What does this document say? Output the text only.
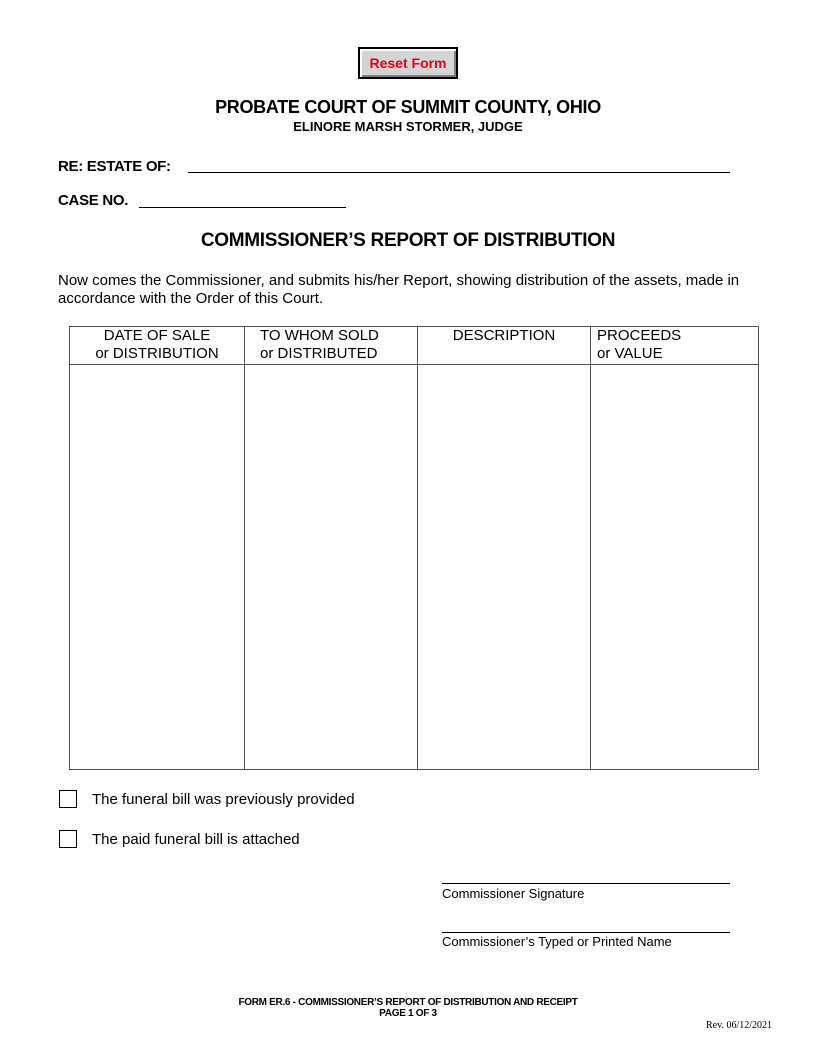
Reset Form
PROBATE COURT OF SUMMIT COUNTY, OHIO
ELINORE MARSH STORMER, JUDGE
RE: ESTATE OF:
CASE NO.
COMMISSIONER’S REPORT OF DISTRIBUTION
Now comes the Commissioner, and submits his/her Report, showing distribution of the assets, made in accordance with the Order of this Court.
DATE OF SALE
or DISTRIBUTION
TO WHOM SOLD
or DISTRIBUTED
DESCRIPTION	PROCEEDS
or VALUE
The funeral bill was previously provided
The paid funeral bill is attached
Commissioner Signature
Commissioner’s Typed or Printed Name
FORM ER.6 - COMMISSIONER’S REPORT OF DISTRIBUTION AND RECEIPT
PAGE 1 OF 3
Rev. 06/12/2021
